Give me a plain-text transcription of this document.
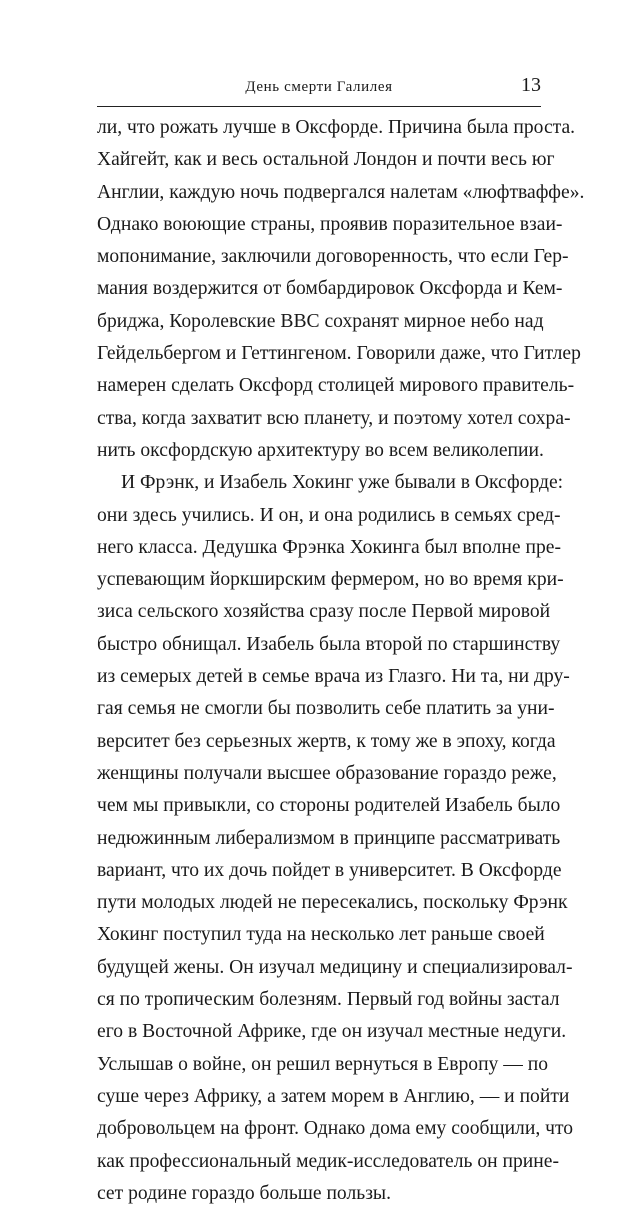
День смерти Галилея	13
ли, что рожать лучше в Оксфорде. Причина была проста.
Хайгейт, как и весь остальной Лондон и почти весь юг
Англии, каждую ночь подвергался налетам «люфтваффе».
Однако воюющие страны, проявив поразительное взаи-
мопонимание, заключили договоренность, что если Гер-
мания воздержится от бомбардировок Оксфорда и Кем-
бриджа, Королевские ВВС сохранят мирное небо над
Гейдельбергом и Геттингеном. Говорили даже, что Гитлер
намерен сделать Оксфорд столицей мирового правитель-
ства, когда захватит всю планету, и поэтому хотел сохра-
нить оксфордскую архитектуру во всем великолепии.
И Фрэнк, и Изабель Хокинг уже бывали в Оксфорде:
они здесь учились. И он, и она родились в семьях сред-
него класса. Дедушка Фрэнка Хокинга был вполне пре-
успевающим йоркширским фермером, но во время кри-
зиса сельского хозяйства сразу после Первой мировой
быстро обнищал. Изабель была второй по старшинству
из семерых детей в семье врача из Глазго. Ни та, ни дру-
гая семья не смогли бы позволить себе платить за уни-
верситет без серьезных жертв, к тому же в эпоху, когда
женщины получали высшее образование гораздо реже,
чем мы привыкли, со стороны родителей Изабель было
недюжинным либерализмом в принципе рассматривать
вариант, что их дочь пойдет в университет. В Оксфорде
пути молодых людей не пересекались, поскольку Фрэнк
Хокинг поступил туда на несколько лет раньше своей
будущей жены. Он изучал медицину и специализировал-
ся по тропическим болезням. Первый год войны застал
его в Восточной Африке, где он изучал местные недуги.
Услышав о войне, он решил вернуться в Европу — по
суше через Африку, а затем морем в Англию, — и пойти
добровольцем на фронт. Однако дома ему сообщили, что
как профессиональный медик-исследователь он прине-
сет родине гораздо больше пользы.
